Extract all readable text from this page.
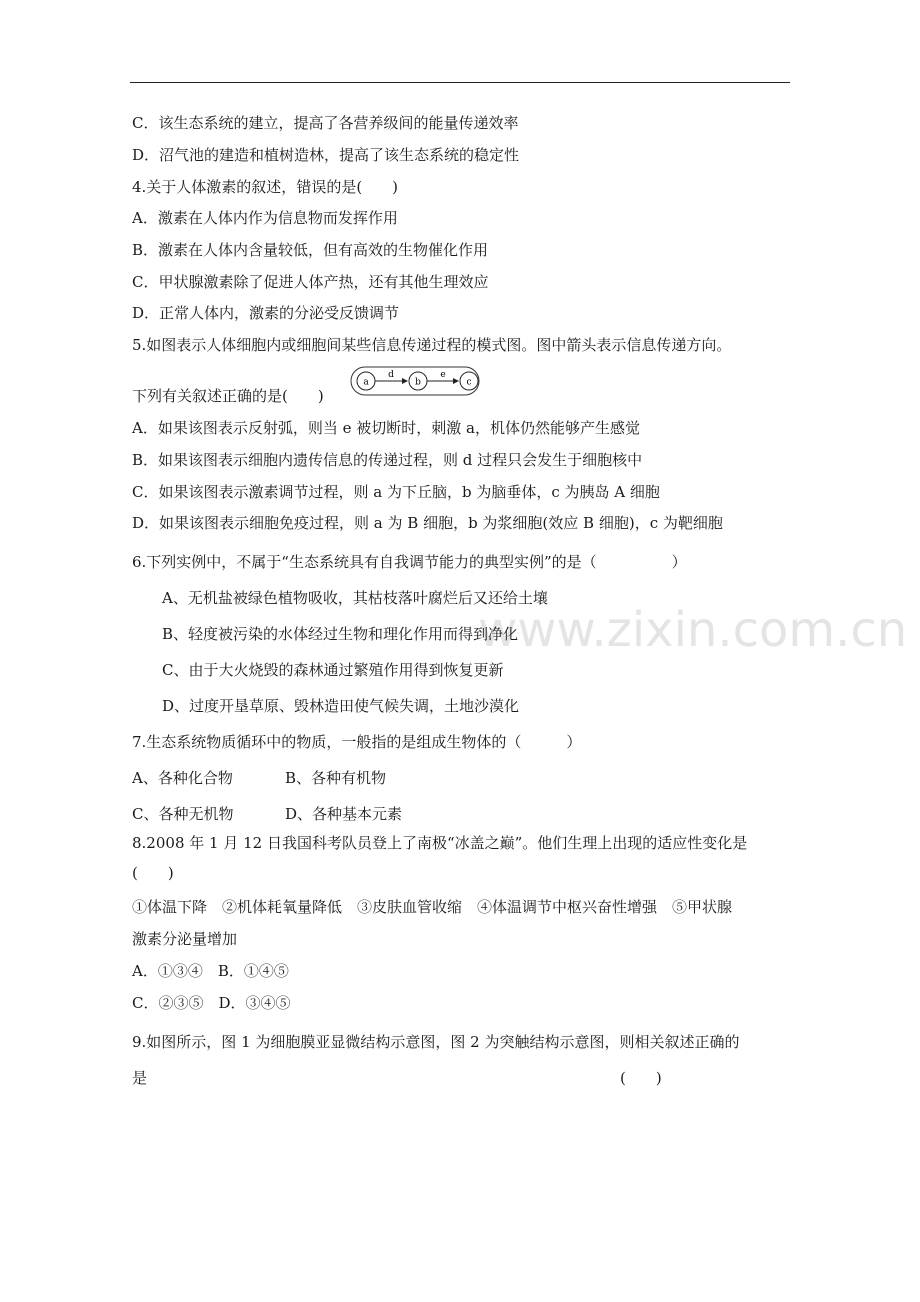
www.zixin.com.cn
C．该生态系统的建立，提高了各营养级间的能量传递效率
D．沼气池的建造和植树造林，提高了该生态系统的稳定性
4.关于人体激素的叙述，错误的是(　　)
A．激素在人体内作为信息物而发挥作用
B．激素在人体内含量较低，但有高效的生物催化作用
C．甲状腺激素除了促进人体产热，还有其他生理效应
D．正常人体内，激素的分泌受反馈调节
5.如图表示人体细胞内或细胞间某些信息传递过程的模式图。图中箭头表示信息传递方向。
下列有关叙述正确的是(　　)
a	b	c
d	e
A．如果该图表示反射弧，则当 e 被切断时，刺激 a，机体仍然能够产生感觉
B．如果该图表示细胞内遗传信息的传递过程，则 d 过程只会发生于细胞核中
C．如果该图表示激素调节过程，则 a 为下丘脑，b 为脑垂体，c 为胰岛 A 细胞
D．如果该图表示细胞免疫过程，则 a 为 B 细胞，b 为浆细胞(效应 B 细胞)，c 为靶细胞
6.下列实例中，不属于“生态系统具有自我调节能力的典型实例”的是（　　　　　）
A、无机盐被绿色植物吸收，其枯枝落叶腐烂后又还给土壤
B、轻度被污染的水体经过生物和理化作用而得到净化
C、由于大火烧毁的森林通过繁殖作用得到恢复更新
D、过度开垦草原、毁林造田使气候失调，土地沙漠化
7.生态系统物质循环中的物质，一般指的是组成生物体的（　　　）
A、各种化合物	B、各种有机物
C、各种无机物	D、各种基本元素
8.2008 年 1 月 12 日我国科考队员登上了南极“冰盖之巅”。他们生理上出现的适应性变化是
(　　)
①体温下降　②机体耗氧量降低　③皮肤血管收缩　④体温调节中枢兴奋性增强　⑤甲状腺
激素分泌量增加
A．①③④　B．①④⑤
C．②③⑤　D．③④⑤
9.如图所示，图 1 为细胞膜亚显微结构示意图，图 2 为突触结构示意图，则相关叙述正确的
是	(　　)
